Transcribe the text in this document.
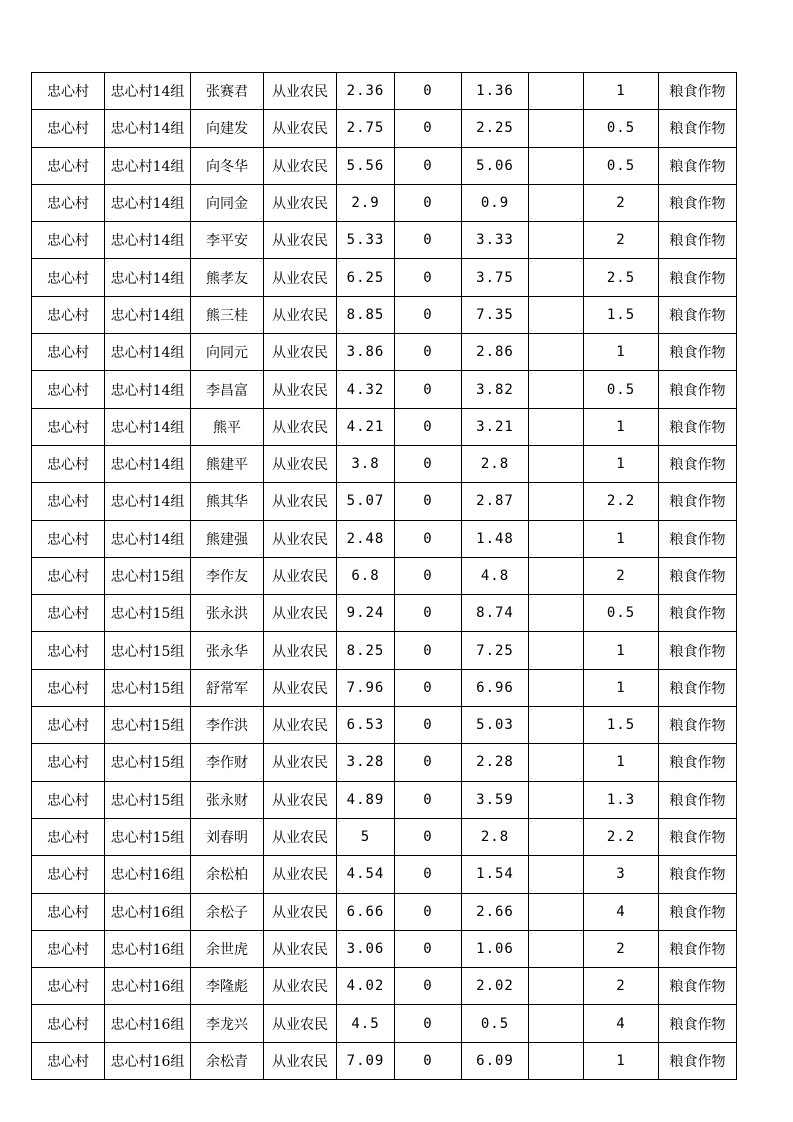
忠心村	忠心村14组	张赛君	从业农民	2.36	0	1.36		1	粮食作物
忠心村	忠心村14组	向建发	从业农民	2.75	0	2.25		0.5	粮食作物
忠心村	忠心村14组	向冬华	从业农民	5.56	0	5.06		0.5	粮食作物
忠心村	忠心村14组	向同金	从业农民	2.9	0	0.9		2	粮食作物
忠心村	忠心村14组	李平安	从业农民	5.33	0	3.33		2	粮食作物
忠心村	忠心村14组	熊孝友	从业农民	6.25	0	3.75		2.5	粮食作物
忠心村	忠心村14组	熊三桂	从业农民	8.85	0	7.35		1.5	粮食作物
忠心村	忠心村14组	向同元	从业农民	3.86	0	2.86		1	粮食作物
忠心村	忠心村14组	李昌富	从业农民	4.32	0	3.82		0.5	粮食作物
忠心村	忠心村14组	熊平	从业农民	4.21	0	3.21		1	粮食作物
忠心村	忠心村14组	熊建平	从业农民	3.8	0	2.8		1	粮食作物
忠心村	忠心村14组	熊其华	从业农民	5.07	0	2.87		2.2	粮食作物
忠心村	忠心村14组	熊建强	从业农民	2.48	0	1.48		1	粮食作物
忠心村	忠心村15组	李作友	从业农民	6.8	0	4.8		2	粮食作物
忠心村	忠心村15组	张永洪	从业农民	9.24	0	8.74		0.5	粮食作物
忠心村	忠心村15组	张永华	从业农民	8.25	0	7.25		1	粮食作物
忠心村	忠心村15组	舒常军	从业农民	7.96	0	6.96		1	粮食作物
忠心村	忠心村15组	李作洪	从业农民	6.53	0	5.03		1.5	粮食作物
忠心村	忠心村15组	李作财	从业农民	3.28	0	2.28		1	粮食作物
忠心村	忠心村15组	张永财	从业农民	4.89	0	3.59		1.3	粮食作物
忠心村	忠心村15组	刘春明	从业农民	5	0	2.8		2.2	粮食作物
忠心村	忠心村16组	余松柏	从业农民	4.54	0	1.54		3	粮食作物
忠心村	忠心村16组	余松子	从业农民	6.66	0	2.66		4	粮食作物
忠心村	忠心村16组	余世虎	从业农民	3.06	0	1.06		2	粮食作物
忠心村	忠心村16组	李隆彪	从业农民	4.02	0	2.02		2	粮食作物
忠心村	忠心村16组	李龙兴	从业农民	4.5	0	0.5		4	粮食作物
忠心村	忠心村16组	余松青	从业农民	7.09	0	6.09		1	粮食作物
